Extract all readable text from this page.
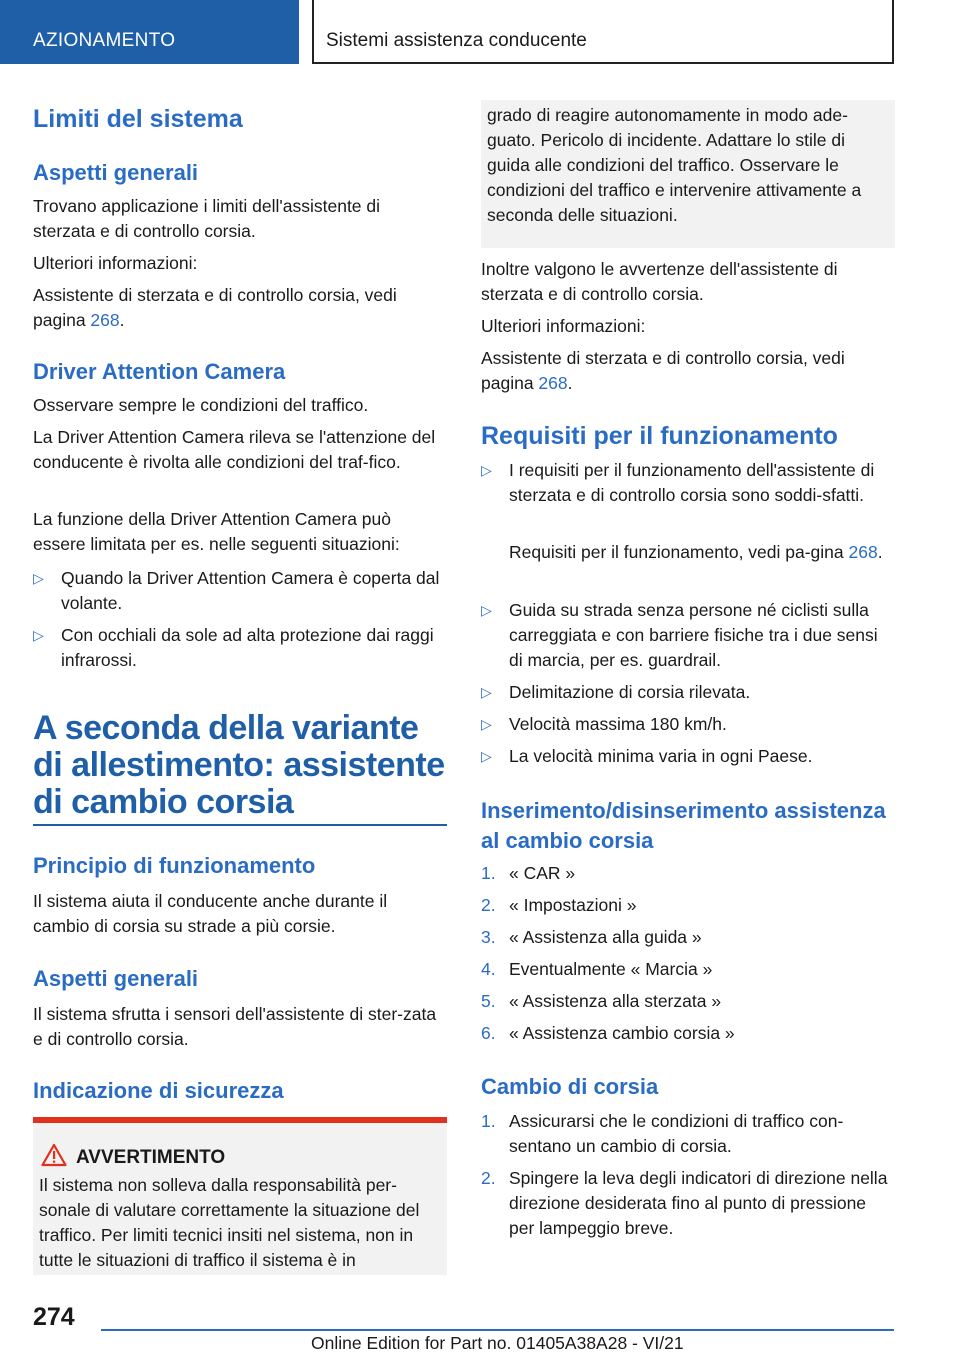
AZIONAMENTO	Sistemi assistenza conducente
Limiti del sistema
Aspetti generali

Trovano applicazione i limiti dell'assistente di sterzata e di controllo corsia.

Ulteriori informazioni:

Assistente di sterzata e di controllo corsia, vedi pagina 268.

Driver Attention Camera

Osservare sempre le condizioni del traffico.

La Driver Attention Camera rileva se l'attenzione del conducente è rivolta alle condizioni del traf-fico.

La funzione della Driver Attention Camera può essere limitata per es. nelle seguenti situazioni:

▷ Quando la Driver Attention Camera è coperta dal volante.
▷ Con occhiali da sole ad alta protezione dai raggi infrarossi.
A seconda della variante di allestimento: assistente di cambio corsia
Principio di funzionamento

Il sistema aiuta il conducente anche durante il cambio di corsia su strade a più corsie.

Aspetti generali

Il sistema sfrutta i sensori dell'assistente di ster-zata e di controllo corsia.

Indicazione di sicurezza
AVVERTIMENTO
Il sistema non solleva dalla responsabilità per-sonale di valutare correttamente la situazione del traffico. Per limiti tecnici insiti nel sistema, non in tutte le situazioni di traffico il sistema è in
grado di reagire autonomamente in modo ade-guato. Pericolo di incidente. Adattare lo stile di guida alle condizioni del traffico. Osservare le condizioni del traffico e intervenire attivamente a seconda delle situazioni.

Inoltre valgono le avvertenze dell'assistente di sterzata e di controllo corsia.

Ulteriori informazioni:

Assistente di sterzata e di controllo corsia, vedi pagina 268.

Requisiti per il funzionamento
▷ I requisiti per il funzionamento dell'assistente di sterzata e di controllo corsia sono soddi-sfatti.

Requisiti per il funzionamento, vedi pa-gina 268.

▷ Guida su strada senza persone né ciclisti sulla carreggiata e con barriere fisiche tra i due sensi di marcia, per es. guardrail.
▷ Delimitazione di corsia rilevata.
▷ Velocità massima 180 km/h.
▷ La velocità minima varia in ogni Paese.
Inserimento/disinserimento assistenza al cambio corsia
1. « CAR »
2. « Impostazioni »
3. « Assistenza alla guida »
4. Eventualmente « Marcia »
5. « Assistenza alla sterzata »
6. « Assistenza cambio corsia »
Cambio di corsia
1. Assicurarsi che le condizioni di traffico con-sentano un cambio di corsia.
2. Spingere la leva degli indicatori di direzione nella direzione desiderata fino al punto di pressione per lampeggio breve.
274
Online Edition for Part no. 01405A38A28 - VI/21
